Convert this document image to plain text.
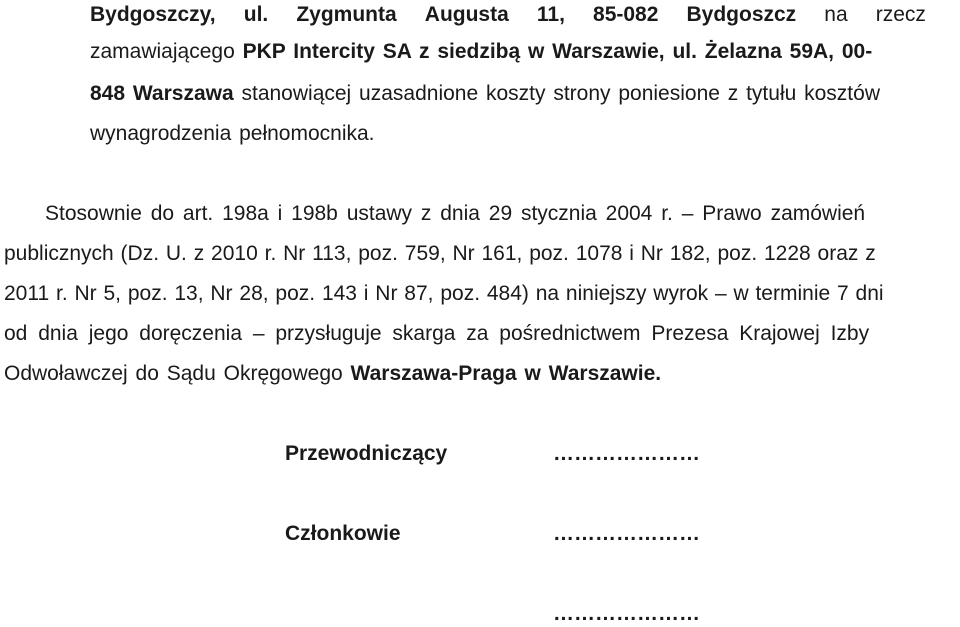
Bydgoszczy, ul. Zygmunta Augusta 11, 85-082 Bydgoszcz na rzecz
zamawiającego PKP Intercity SA z siedzibą w Warszawie, ul. Żelazna 59A, 00-
848 Warszawa stanowiącej uzasadnione koszty strony poniesione z tytułu kosztów
wynagrodzenia pełnomocnika.
Stosownie do art. 198a i 198b ustawy z dnia 29 stycznia 2004 r. – Prawo zamówień
publicznych (Dz. U. z 2010 r. Nr 113, poz. 759, Nr 161, poz. 1078 i Nr 182, poz. 1228 oraz z
2011 r. Nr 5, poz. 13, Nr 28, poz. 143 i Nr 87, poz. 484) na niniejszy wyrok – w terminie 7 dni
od dnia jego doręczenia – przysługuje skarga za pośrednictwem Prezesa Krajowej Izby
Odwoławczej do Sądu Okręgowego Warszawa-Praga w Warszawie.
Przewodniczący	…………………
Członkowie	…………………
…………………
